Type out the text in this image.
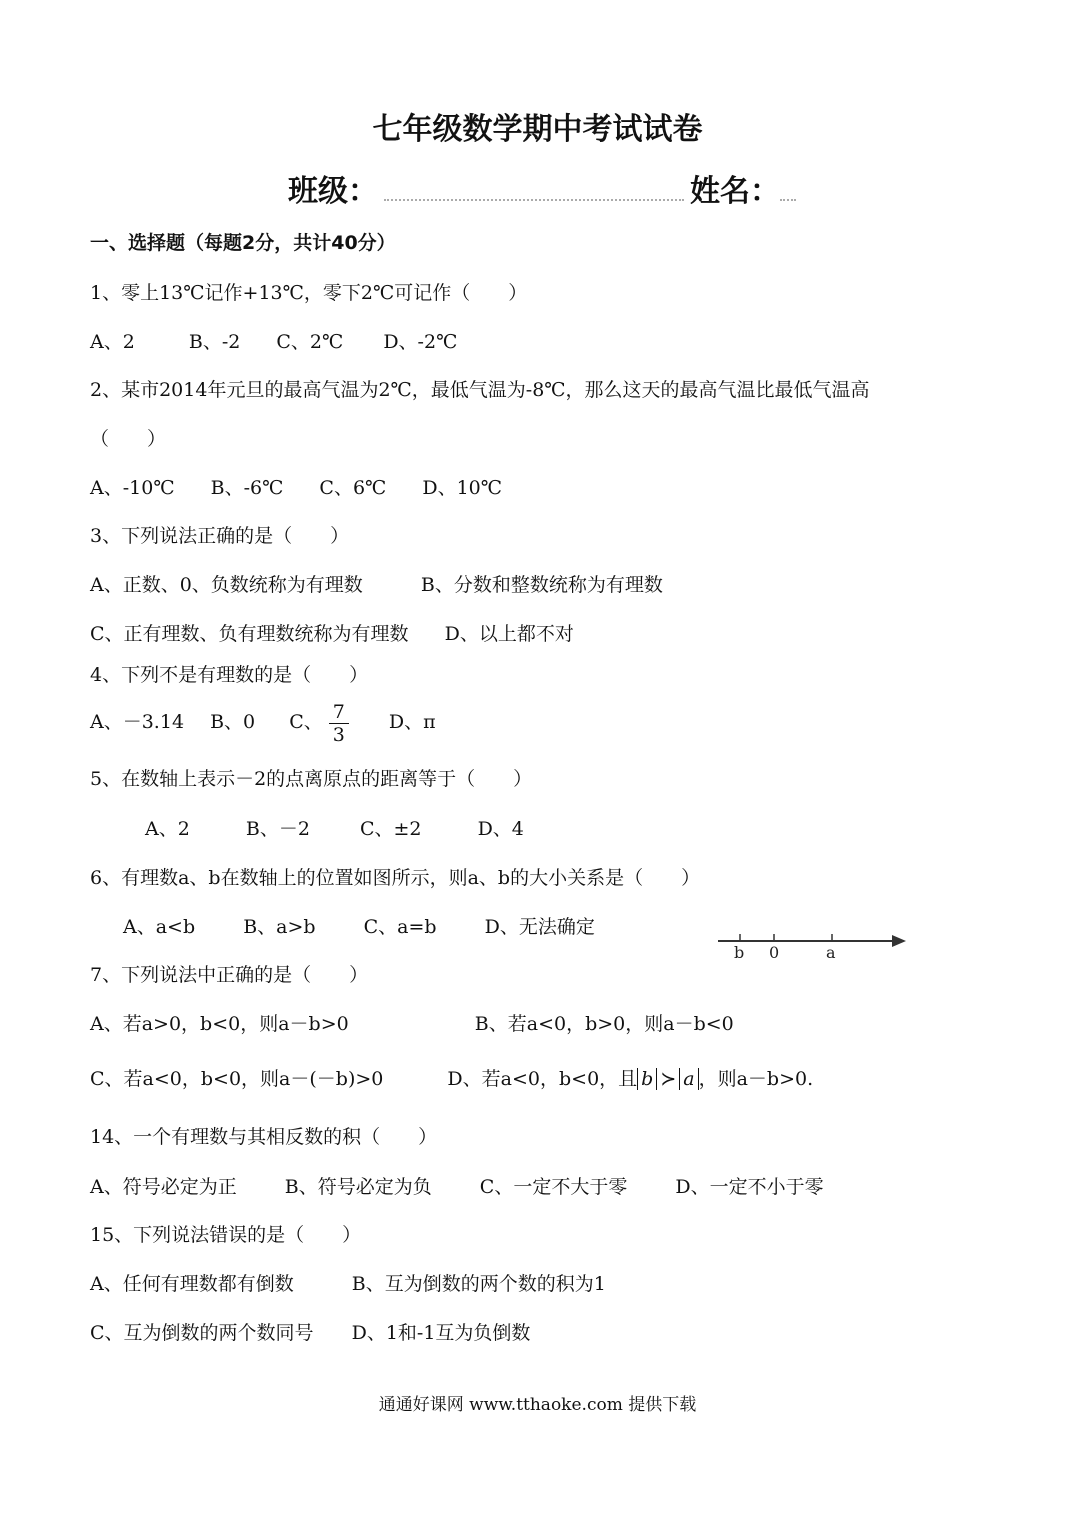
七年级数学期中考试试卷
班级：	姓名：
一、选择题（每题2分，共计40分）
1、零上13℃记作+13℃，零下2℃可记作（　　）
A、2	B、-2 C、2℃ D、-2℃
2、某市2014年元旦的最高气温为2℃，最低气温为-8℃，那么这天的最高气温比最低气温高
（　　）
A、-10℃ B、-6℃ C、6℃ D、10℃
3、下列说法正确的是（　　）
A、正数、0、负数统称为有理数	B、分数和整数统称为有理数
C、正有理数、负有理数统称为有理数 D、以上都不对
4、下列不是有理数的是（　　）
A、－3.14 B、0 C、 $\frac{7}{3}$ D、π
5、在数轴上表示－2的点离原点的距离等于（　　）
A、2	B、－2	C、±2	D、4
6、有理数a、b在数轴上的位置如图所示，则a、b的大小关系是（　　）
A、a<b	B、a>b	C、a=b	D、无法确定
b 0	a
7、下列说法中正确的是（　　）
A、若a>0，b<0，则a－b>0	B、若a<0，b>0，则a－b<0
C、若a<0，b<0，则a－(－b)>0	D、若a<0，b<0，且 b ≻ a ，则a－b>0.
14、一个有理数与其相反数的积（　　）
A、符号必定为正	B、符号必定为负	C、一定不大于零	D、一定不小于零
15、下列说法错误的是（　　）
A、任何有理数都有倒数	B、互为倒数的两个数的积为1
C、互为倒数的两个数同号 D、1和-1互为负倒数
通通好课网 www.tthaoke.com 提供下载
